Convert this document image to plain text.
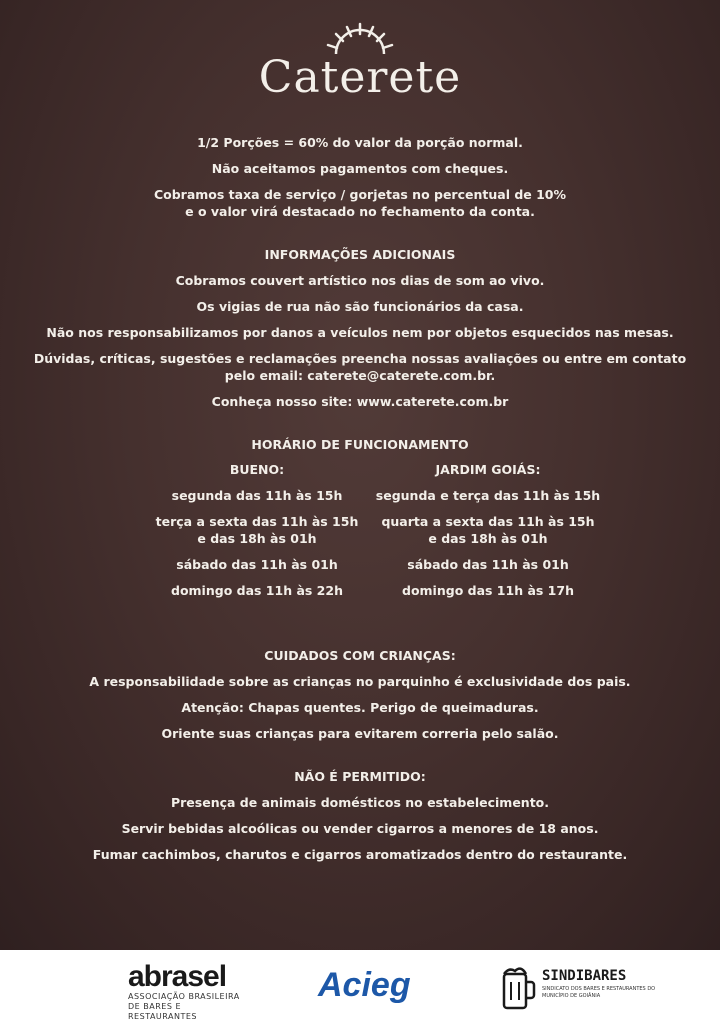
Caterete
1/2 Porções = 60% do valor da porção normal.
Não aceitamos pagamentos com cheques.
Cobramos taxa de serviço / gorjetas no percentual de 10%
e o valor virá destacado no fechamento da conta.
INFORMAÇÕES ADICIONAIS
Cobramos couvert artístico nos dias de som ao vivo.
Os vigias de rua não são funcionários da casa.
Não nos responsabilizamos por danos a veículos nem por objetos esquecidos nas mesas.
Dúvidas, críticas, sugestões e reclamações preencha nossas avaliações ou entre em contato
pelo email: caterete@caterete.com.br.
Conheça nosso site: www.caterete.com.br
HORÁRIO DE FUNCIONAMENTO
BUENO:
segunda das 11h às 15h
terça a sexta das 11h às 15h
e das 18h às 01h
sábado das 11h às 01h
domingo das 11h às 22h
JARDIM GOIÁS:
segunda e terça das 11h às 15h
quarta a sexta das 11h às 15h
e das 18h às 01h
sábado das 11h às 01h
domingo das 11h às 17h
CUIDADOS COM CRIANÇAS:
A responsabilidade sobre as crianças no parquinho é exclusividade dos pais.
Atenção: Chapas quentes. Perigo de queimaduras.
Oriente suas crianças para evitarem correria pelo salão.
NÃO É PERMITIDO:
Presença de animais domésticos no estabelecimento.
Servir bebidas alcoólicas ou vender cigarros a menores de 18 anos.
Fumar cachimbos, charutos e cigarros aromatizados dentro do restaurante.
abrasel
ASSOCIAÇÃO BRASILEIRA
DE BARES E RESTAURANTES
Acieg	SINDIBARES
SINDICATO DOS BARES E RESTAURANTES DO
MUNICÍPIO DE GOIÂNIA
